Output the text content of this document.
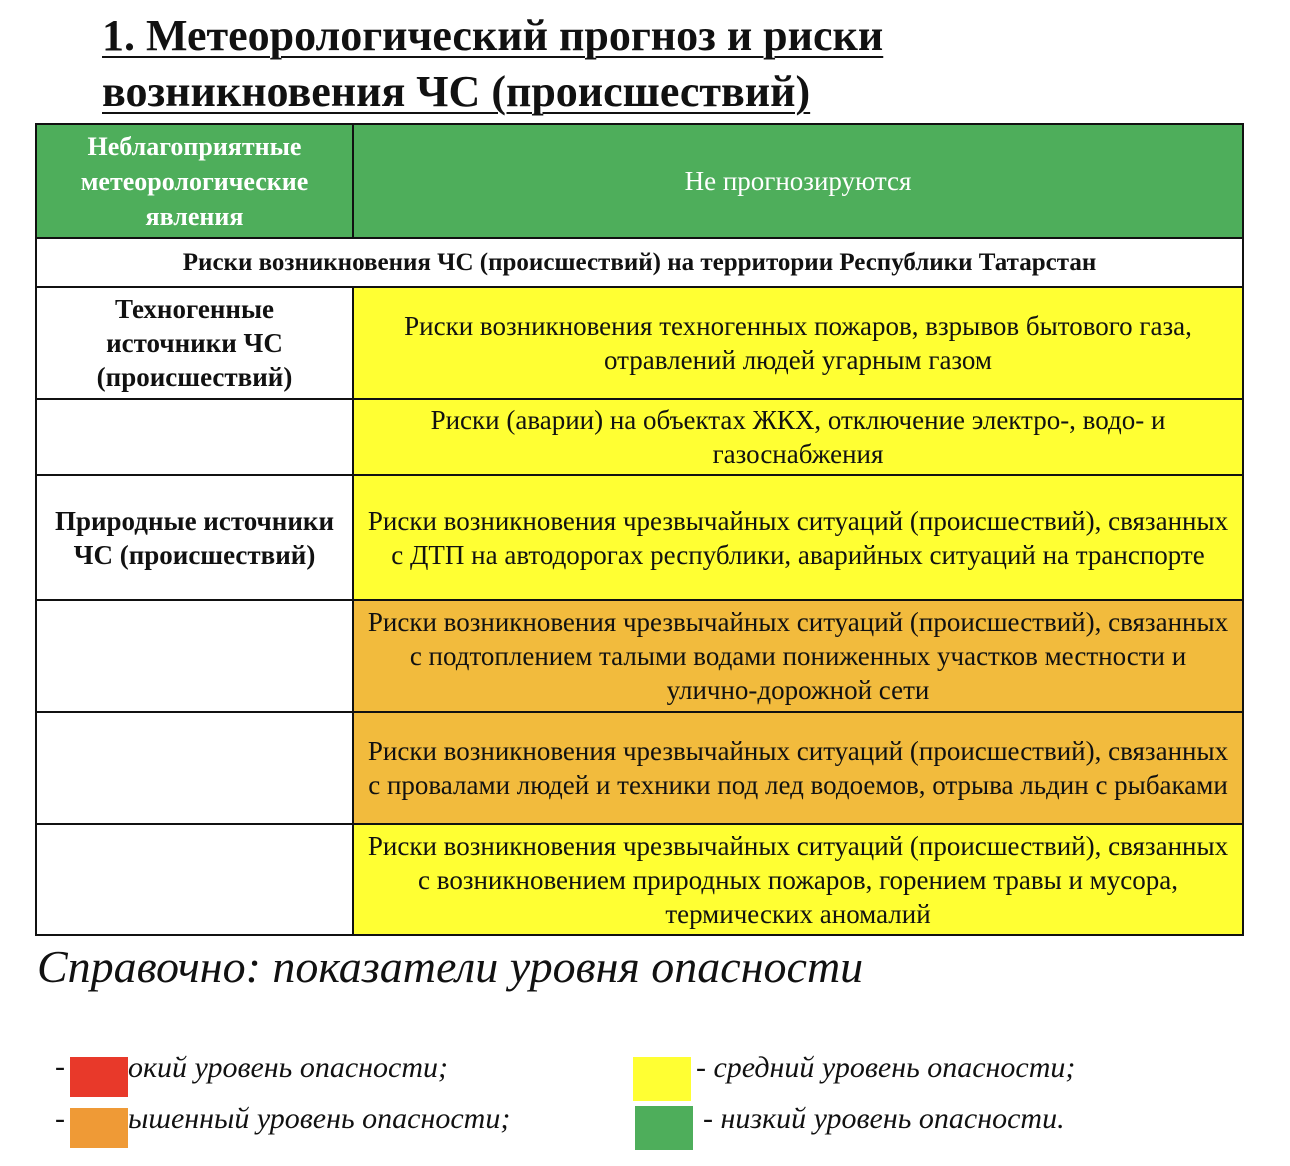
1. Метеорологический прогноз и риски
возникновения ЧС (происшествий)
Неблагоприятные метеорологические явления	Не прогнозируются
Риски возникновения ЧС (происшествий) на территории Республики Татарстан	
Техногенные источники ЧС (происшествий)	Риски возникновения техногенных пожаров, взрывов бытового газа, отравлений людей угарным газом
	Риски (аварии) на объектах ЖКХ, отключение электро-, водо- и газоснабжения
Природные источники ЧС (происшествий)	Риски возникновения чрезвычайных ситуаций (происшествий), связанных с ДТП на автодорогах республики, аварийных ситуаций на транспорте
	Риски возникновения чрезвычайных ситуаций (происшествий), связанных с подтоплением талыми водами пониженных участков местности и улично-дорожной сети
	Риски возникновения чрезвычайных ситуаций (происшествий), связанных с провалами людей и техники под лед водоемов, отрыва льдин с рыбаками
	Риски возникновения чрезвычайных ситуаций (происшествий), связанных с возникновением природных пожаров, горением травы и мусора, термических аномалий
Справочно: показатели уровня опасности
- окий уровень опасности;
- ышенный уровень опасности;
- средний уровень опасности;
- низкий уровень опасности.
